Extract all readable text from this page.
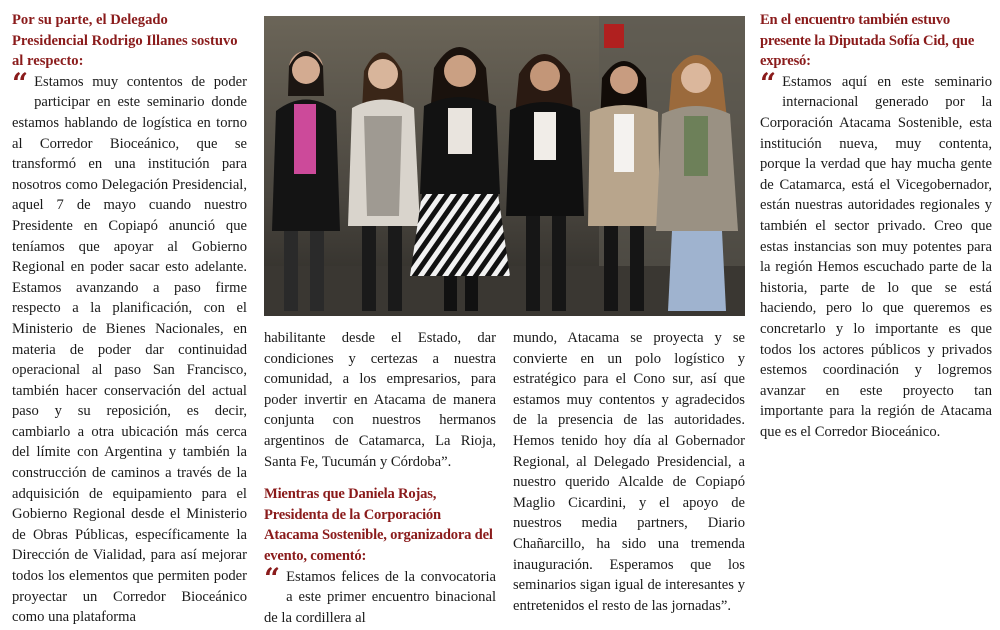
Por su parte, el Delegado Presidencial Rodrigo Illanes sostuvo al respecto:

“ Estamos muy contentos de poder participar en este seminario donde estamos hablando de logística en torno al Corredor Bioceánico, que se transformó en una institución para nosotros como Delegación Presidencial, aquel 7 de mayo cuando nuestro Presidente en Copiapó anunció que teníamos que apoyar al Gobierno Regional en poder sacar esto adelante. Estamos avanzando a paso firme respecto a la planificación, con el Ministerio de Bienes Nacionales, en materia de poder dar continuidad operacional al paso San Francisco, también hacer conservación del actual paso y su reposición, es decir, cambiarlo a otra ubicación más cerca del límite con Argentina y también la construcción de caminos a través de la adquisición de equipamiento para el Gobierno Regional desde el Ministerio de Obras Públicas, específicamente la Dirección de Vialidad, para así mejorar todos los elementos que permiten poder proyectar un Corredor Bioceánico como una plataforma

habilitante desde el Estado, dar condiciones y certezas a nuestra comunidad, a los empresarios, para poder invertir en Atacama de manera conjunta con nuestros hermanos argentinos de Catamarca, La Rioja, Santa Fe, Tucumán y Córdoba”.

Mientras que Daniela Rojas, Presidenta de la Corporación Atacama Sostenible, organizadora del evento, comentó:

“ Estamos felices de la convocatoria a este primer encuentro binacional de la cordillera al

mundo, Atacama se proyecta y se convierte en un polo logístico y estratégico para el Cono sur, así que estamos muy contentos y agradecidos de la presencia de las autoridades. Hemos tenido hoy día al Gobernador Regional, al Delegado Presidencial, a nuestro querido Alcalde de Copiapó Maglio Cicardini, y el apoyo de nuestros media partners, Diario Chañarcillo, ha sido una tremenda inauguración. Esperamos que los seminarios sigan igual de interesantes y entretenidos el resto de las jornadas”.

En el encuentro también estuvo presente la Diputada Sofía Cid, que expresó:

“ Estamos aquí en este seminario internacional generado por la Corporación Atacama Sostenible, esta institución nueva, muy contenta, porque la verdad que hay mucha gente de Catamarca, está el Vicegobernador, están nuestras autoridades regionales y también el sector privado. Creo que estas instancias son muy potentes para la región Hemos escuchado parte de la historia, parte de lo que se está haciendo, pero lo que queremos es concretarlo y lo importante es que todos los actores públicos y privados estemos coordinación y logremos avanzar en este proyecto tan importante para la región de Atacama que es el Corredor Bioceánico.
